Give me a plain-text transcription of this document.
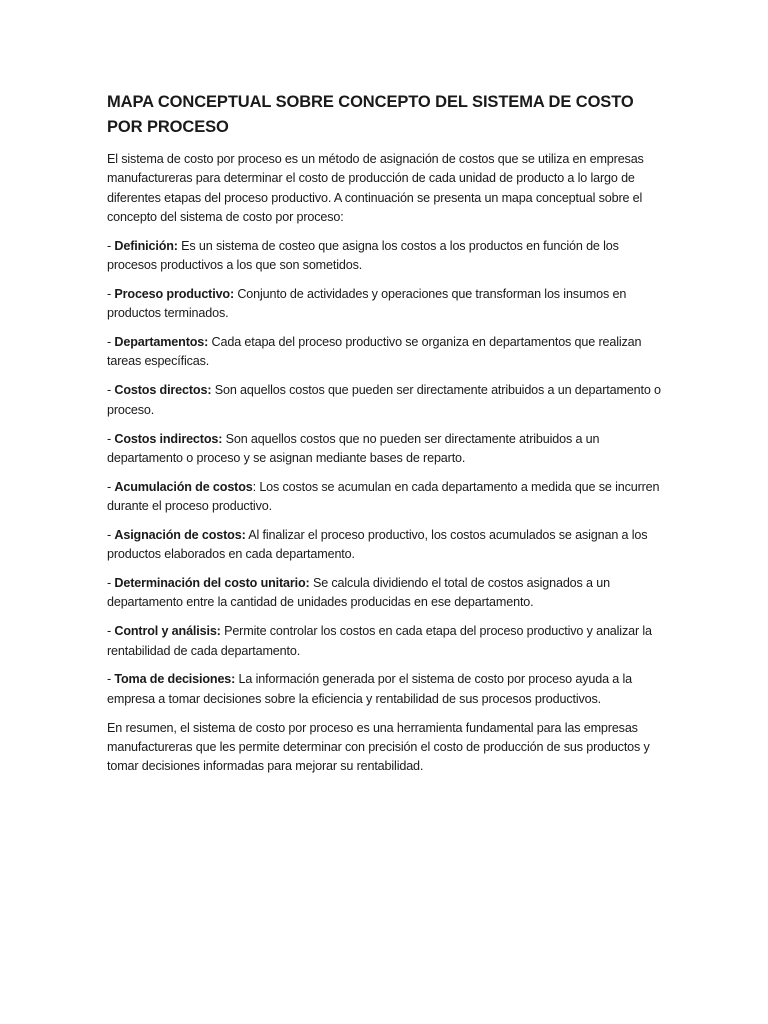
MAPA CONCEPTUAL SOBRE CONCEPTO DEL SISTEMA DE COSTO POR PROCESO

El sistema de costo por proceso es un método de asignación de costos que se utiliza en empresas manufactureras para determinar el costo de producción de cada unidad de producto a lo largo de diferentes etapas del proceso productivo. A continuación se presenta un mapa conceptual sobre el concepto del sistema de costo por proceso:

- Definición: Es un sistema de costeo que asigna los costos a los productos en función de los procesos productivos a los que son sometidos.

- Proceso productivo: Conjunto de actividades y operaciones que transforman los insumos en productos terminados.

- Departamentos: Cada etapa del proceso productivo se organiza en departamentos que realizan tareas específicas.

- Costos directos: Son aquellos costos que pueden ser directamente atribuidos a un departamento o proceso.

- Costos indirectos: Son aquellos costos que no pueden ser directamente atribuidos a un departamento o proceso y se asignan mediante bases de reparto.

- Acumulación de costos: Los costos se acumulan en cada departamento a medida que se incurren durante el proceso productivo.

- Asignación de costos: Al finalizar el proceso productivo, los costos acumulados se asignan a los productos elaborados en cada departamento.

- Determinación del costo unitario: Se calcula dividiendo el total de costos asignados a un departamento entre la cantidad de unidades producidas en ese departamento.

- Control y análisis: Permite controlar los costos en cada etapa del proceso productivo y analizar la rentabilidad de cada departamento.

- Toma de decisiones: La información generada por el sistema de costo por proceso ayuda a la empresa a tomar decisiones sobre la eficiencia y rentabilidad de sus procesos productivos.

En resumen, el sistema de costo por proceso es una herramienta fundamental para las empresas manufactureras que les permite determinar con precisión el costo de producción de sus productos y tomar decisiones informadas para mejorar su rentabilidad.
